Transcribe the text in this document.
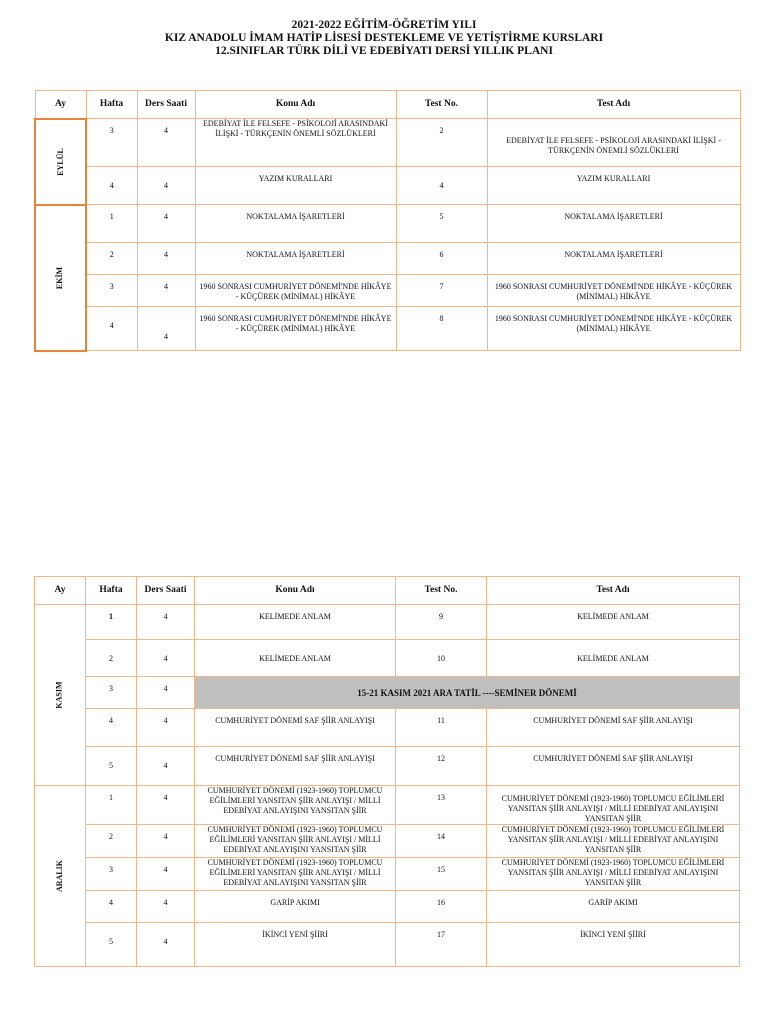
2021-2022 EĞİTİM-ÖĞRETİM YILI
KIZ ANADOLU İMAM HATİP LİSESİ DESTEKLEME VE YETİŞTİRME KURSLARI
12.SINIFLAR TÜRK DİLİ VE EDEBİYATI DERSİ YILLIK PLANI
Ay	Hafta	Ders Saati	Konu Adı	Test No.	Test Adı
EYLÜL	3	4	EDEBİYAT İLE FELSEFE - PSİKOLOJİ ARASINDAKİ İLİŞKİ - TÜRKÇENİN ÖNEMLİ SÖZLÜKLERİ	2	EDEBİYAT İLE FELSEFE - PSİKOLOJİ ARASINDAKİ İLİŞKİ - TÜRKÇENİN ÖNEMLİ SÖZLÜKLERİ
	4	4	YAZIM KURALLARI	4	YAZIM KURALLARI
EKİM	1	4	NOKTALAMA İŞARETLERİ	5	NOKTALAMA İŞARETLERİ
	2	4	NOKTALAMA İŞARETLERİ	6	NOKTALAMA İŞARETLERİ
	3	4	1960 SONRASI CUMHURİYET DÖNEMİ'NDE HİKÂYE - KÜÇÜREK (MİNİMAL) HİKÂYE	7	1960 SONRASI CUMHURİYET DÖNEMİ'NDE HİKÂYE - KÜÇÜREK (MİNİMAL) HİKÂYE
	4	4	1960 SONRASI CUMHURİYET DÖNEMİ'NDE HİKÂYE - KÜÇÜREK (MİNİMAL) HİKÂYE	8	1960 SONRASI CUMHURİYET DÖNEMİ'NDE HİKÂYE - KÜÇÜREK (MİNİMAL) HİKÂYE
Ay	Hafta	Ders Saati	Konu Adı	Test No.	Test Adı
KASIM	1	4	KELİMEDE ANLAM	9	KELİMEDE ANLAM
	2	4	KELİMEDE ANLAM	10	KELİMEDE ANLAM
	3	4	15-21 KASIM 2021 ARA TATİL ----SEMİNER DÖNEMİ		
	4	4	CUMHURİYET DÖNEMİ SAF ŞİİR ANLAYIŞI	11	CUMHURİYET DÖNEMİ SAF ŞİİR ANLAYIŞI
	5	4	CUMHURİYET DÖNEMİ SAF ŞİİR ANLAYIŞI	12	CUMHURİYET DÖNEMİ SAF ŞİİR ANLAYIŞI
ARALIK	1	4	CUMHURİYET DÖNEMİ (1923-1960) TOPLUMCU EĞİLİMLERİ YANSITAN ŞİİR ANLAYIŞI / MİLLİ EDEBİYAT ANLAYIŞINI YANSITAN ŞİİR	13	CUMHURİYET DÖNEMİ (1923-1960) TOPLUMCU EĞİLİMLERİ YANSITAN ŞİİR ANLAYIŞI / MİLLİ EDEBİYAT ANLAYIŞINI YANSITAN ŞİİR
	2	4	CUMHURİYET DÖNEMİ (1923-1960) TOPLUMCU EĞİLİMLERİ YANSITAN ŞİİR ANLAYIŞI / MİLLİ EDEBİYAT ANLAYIŞINI YANSITAN ŞİİR	14	CUMHURİYET DÖNEMİ (1923-1960) TOPLUMCU EĞİLİMLERİ YANSITAN ŞİİR ANLAYIŞI / MİLLİ EDEBİYAT ANLAYIŞINI YANSITAN ŞİİR
	3	4	CUMHURİYET DÖNEMİ (1923-1960) TOPLUMCU EĞİLİMLERİ YANSITAN ŞİİR ANLAYIŞI / MİLLİ EDEBİYAT ANLAYIŞINI YANSITAN ŞİİR	15	CUMHURİYET DÖNEMİ (1923-1960) TOPLUMCU EĞİLİMLERİ YANSITAN ŞİİR ANLAYIŞI / MİLLİ EDEBİYAT ANLAYIŞINI YANSITAN ŞİİR
	4	4	GARİP AKIMI	16	GARİP AKIMI
	5	4	İKİNCİ YENİ ŞİİRİ	17	İKİNCİ YENİ ŞİİRİ
